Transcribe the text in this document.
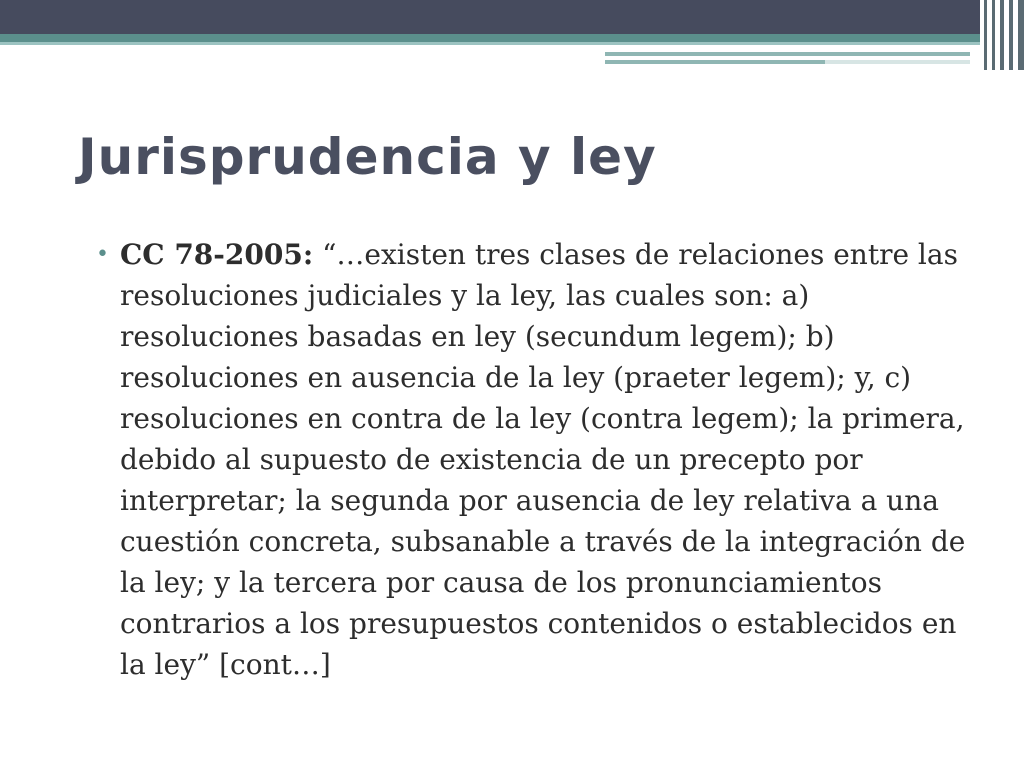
Jurisprudencia y ley
• CC 78-2005: “…existen tres clases de relaciones entre las resoluciones judiciales y la ley, las cuales son: a) resoluciones basadas en ley (secundum legem); b) resoluciones en ausencia de la ley (praeter legem); y, c) resoluciones en contra de la ley (contra legem); la primera, debido al supuesto de existencia de un precepto por interpretar; la segunda por ausencia de ley relativa a una cuestión concreta, subsanable a través de la integración de la ley; y la tercera por causa de los pronunciamientos contrarios a los presupuestos contenidos o establecidos en la ley” [cont…]
